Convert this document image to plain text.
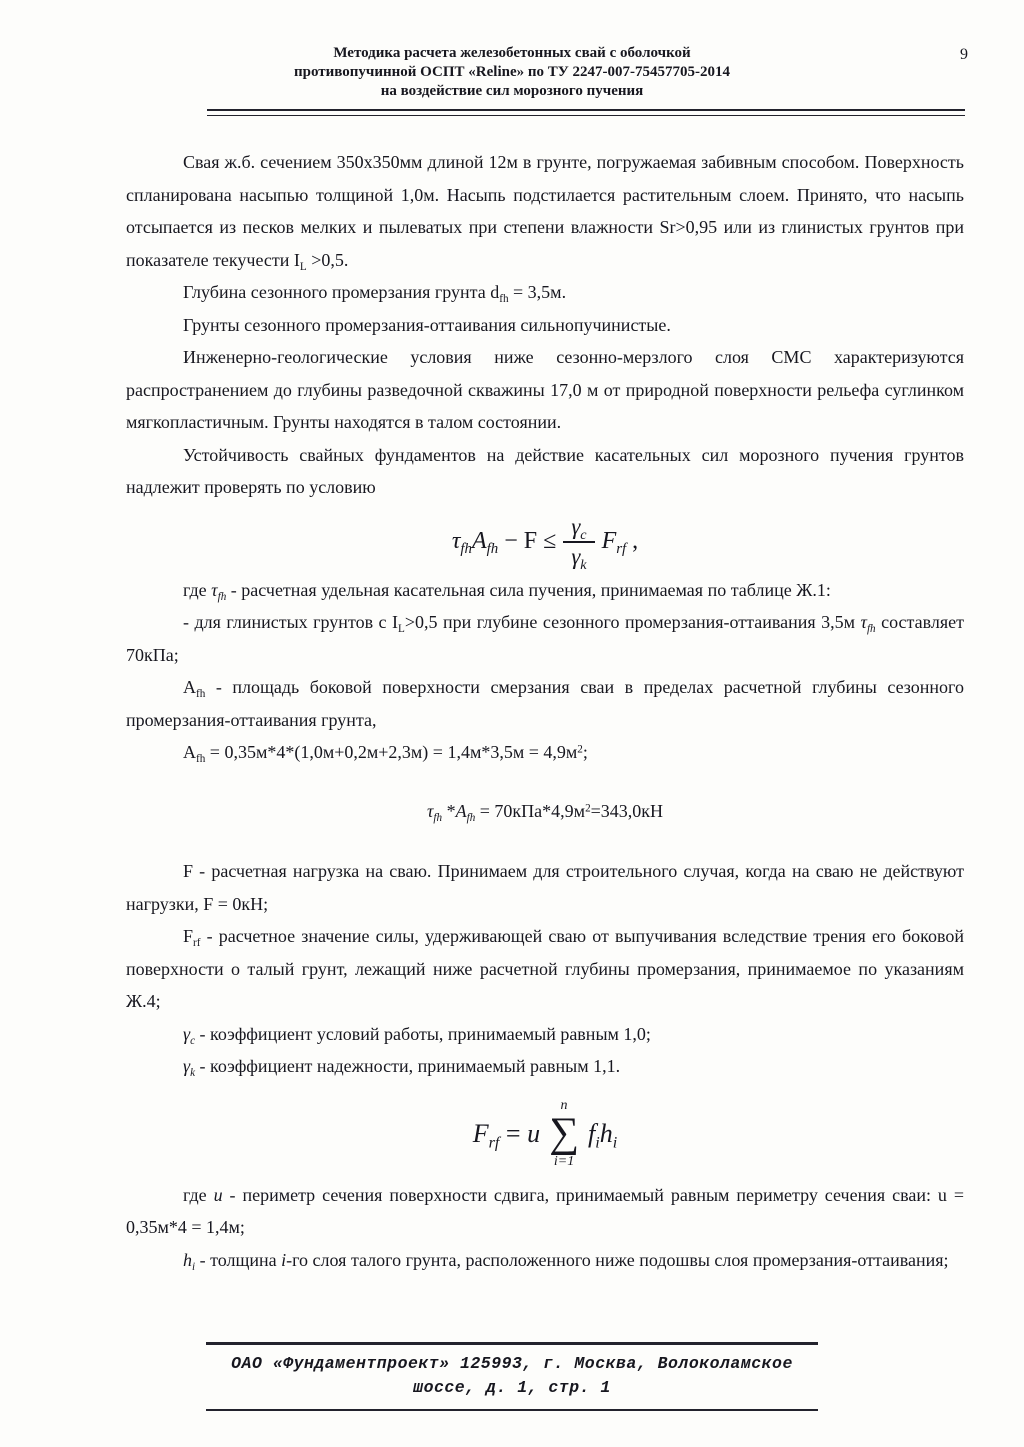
Методика расчета железобетонных свай с оболочкой
противопучинной ОСПТ «Reline» по ТУ 2247-007-75457705-2014
на воздействие сил морозного пучения
9

Свая ж.б. сечением 350x350мм длиной 12м в грунте, погружаемая забивным способом. Поверхность спланирована насыпью толщиной 1,0м. Насыпь подстилается растительным слоем. Принято, что насыпь отсыпается из песков мелких и пылеватых при степени влажности Sr>0,95 или из глинистых грунтов при показателе текучести $I_L >0,5$.

Глубина сезонного промерзания грунта $d_{fh} = 3,5м$.

Грунты сезонного промерзания-оттаивания сильнопучинистые.

Инженерно-геологические условия ниже сезонно-мерзлого слоя СМС характеризуются распространением до глубины разведочной скважины 17,0 м от природной поверхности рельефа суглинком мягкопластичным. Грунты находятся в талом состоянии.

Устойчивость свайных фундаментов на действие касательных сил морозного пучения грунтов надлежит проверять по условию

$\tau_{fh}A_{fh} - F \le \frac{\gamma_c}{\gamma_k} F_{rf}$ ,

где $\tau_{fh}$ - расчетная удельная касательная сила пучения, принимаемая по таблице Ж.1:

- для глинистых грунтов с $I_L>0,5$ при глубине сезонного промерзания-оттаивания 3,5м $\tau_{fh}$ составляет 70кПа;

$A_{fh}$ - площадь боковой поверхности смерзания сваи в пределах расчетной глубины сезонного промерзания-оттаивания грунта,

$A_{fh} = 0,35м*4*(1,0м+0,2м+2,3м) = 1,4м*3,5м = 4,9м^2$;

$\tau_{fh}$ $*A_{fh} = 70кПа*4,9м^2=343,0кН$

F - расчетная нагрузка на сваю. Принимаем для строительного случая, когда на сваю не действуют нагрузки, F = 0кН;

$F_{rf}$ - расчетное значение силы, удерживающей сваю от выпучивания вследствие трения его боковой поверхности о талый грунт, лежащий ниже расчетной глубины промерзания, принимаемое по указаниям Ж.4;

$\gamma_c$ - коэффициент условий работы, принимаемый равным 1,0;

$\gamma_k$ - коэффициент надежности, принимаемый равным 1,1.

$F_{rf} = u$
n
∑
i=1
$f_ih_i$

где u - периметр сечения поверхности сдвига, принимаемый равным периметру сечения сваи: u = 0,35м*4 = 1,4м;

$h_i$ - толщина i-го слоя талого грунта, расположенного ниже подошвы слоя промерзания-оттаивания;

ОАО «Фундаментпроект» 125993, г. Москва, Волоколамское
шоссе, д. 1, стр. 1
